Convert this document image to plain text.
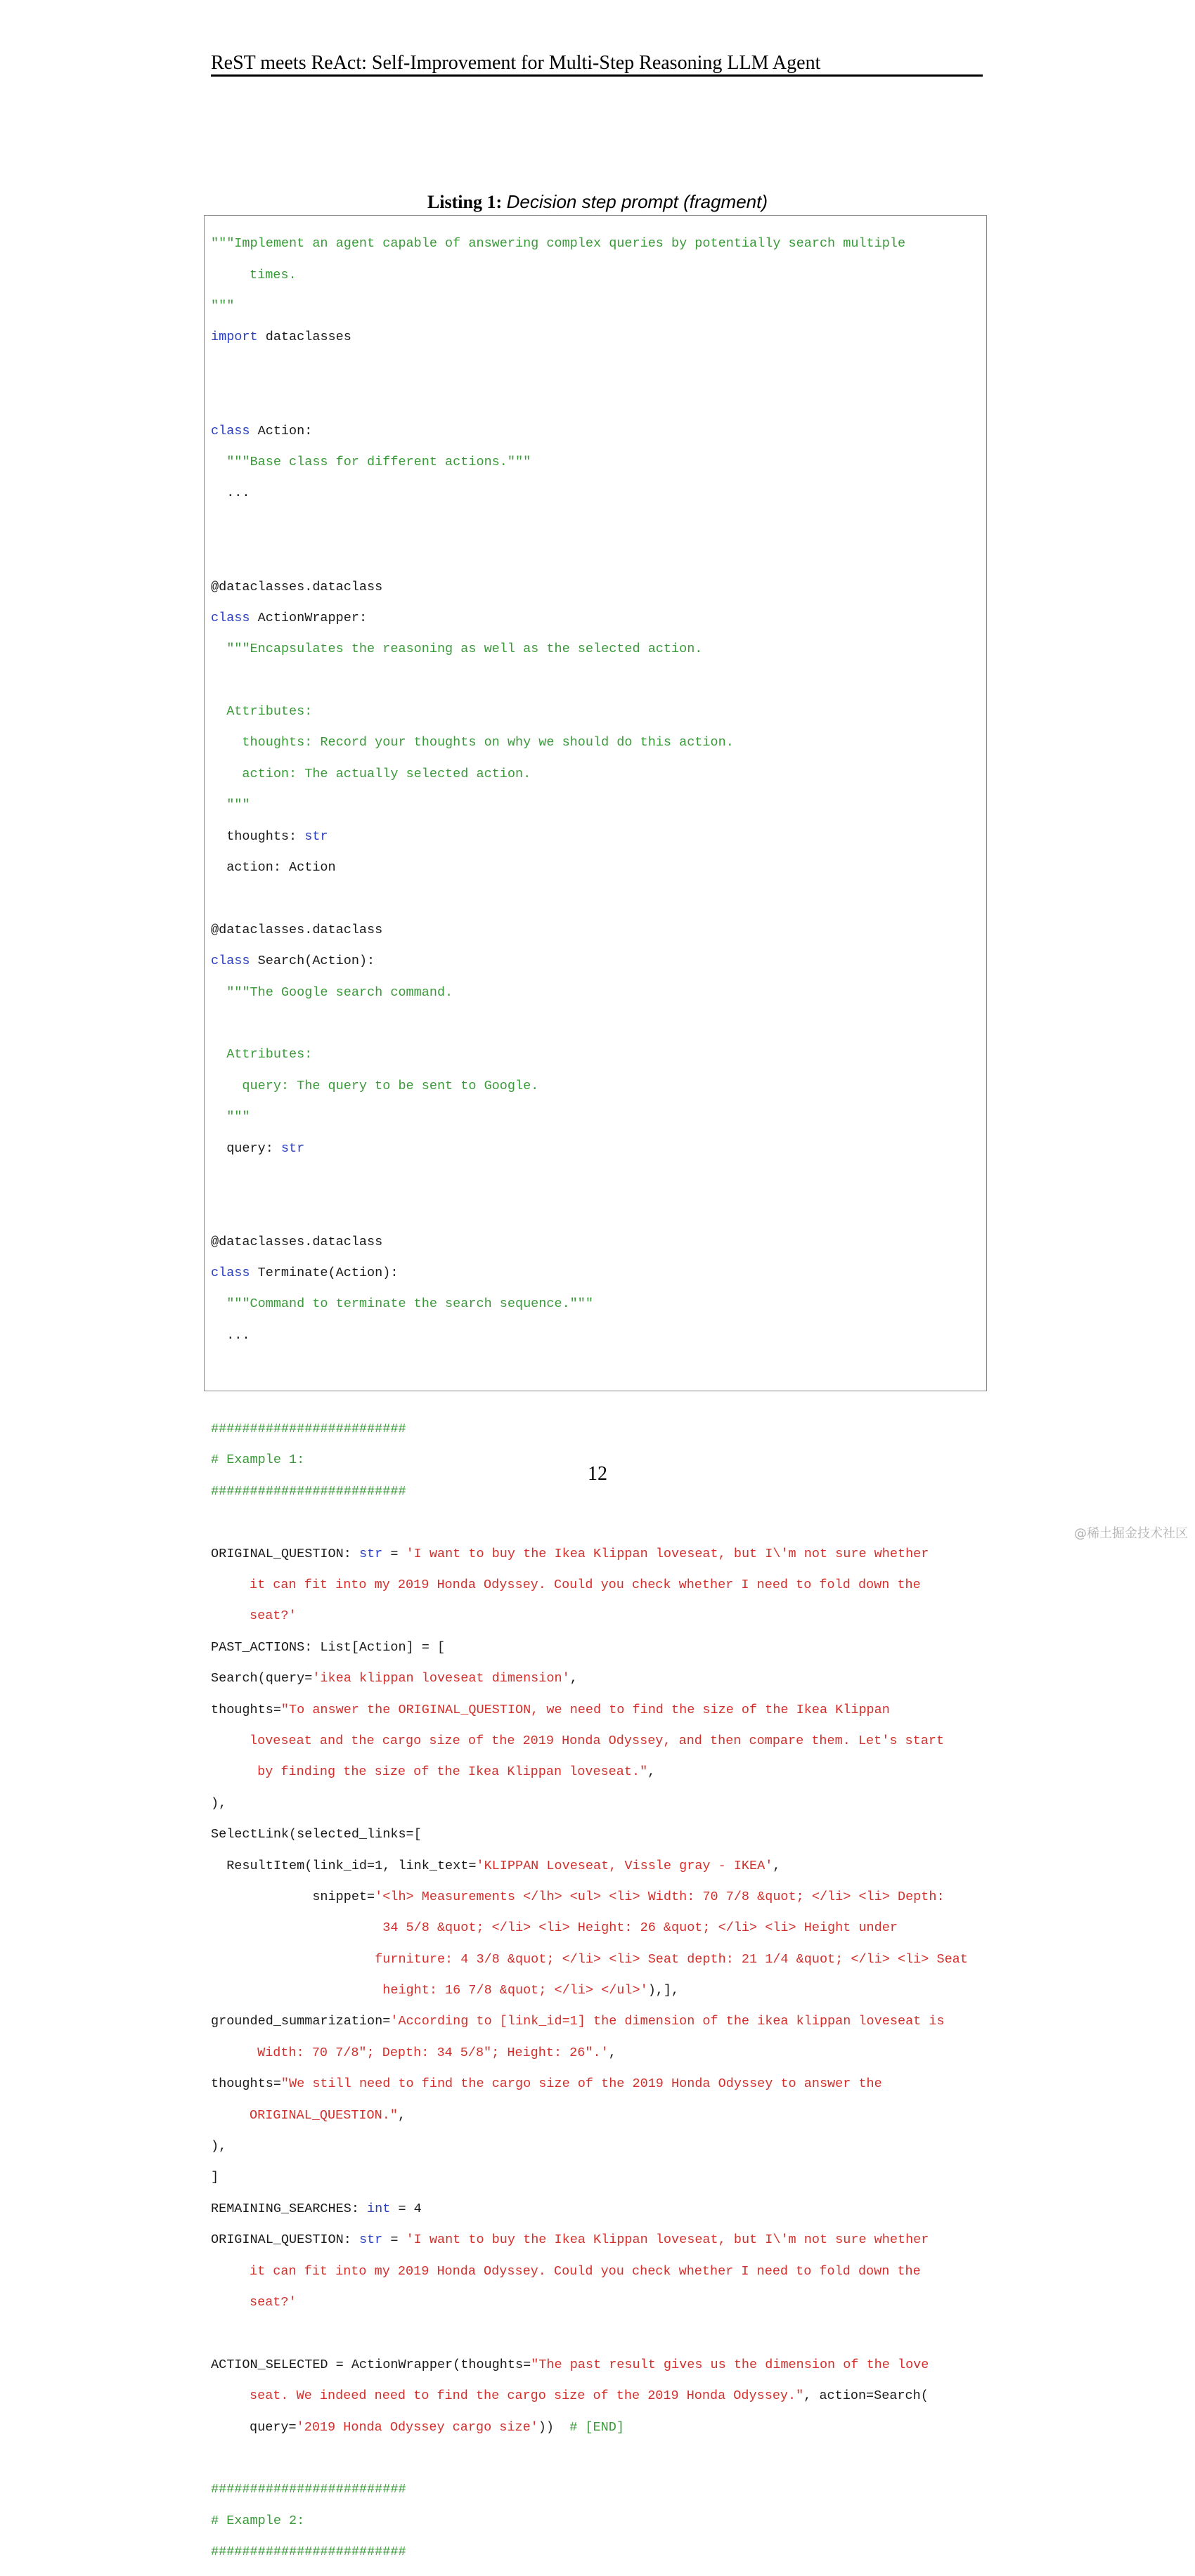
ReST meets ReAct: Self-Improvement for Multi-Step Reasoning LLM Agent
Listing 1: Decision step prompt (fragment)

"""Implement an agent capable of answering complex queries by potentially search multiple

times.

"""

import dataclasses

class Action:

"""Base class for different actions."""

...

@dataclasses.dataclass

class ActionWrapper:

"""Encapsulates the reasoning as well as the selected action.

Attributes:

thoughts: Record your thoughts on why we should do this action.

action: The actually selected action.

"""

thoughts: str

action: Action

@dataclasses.dataclass

class Search(Action):

"""The Google search command.

Attributes:

query: The query to be sent to Google.

"""

query: str

@dataclasses.dataclass

class Terminate(Action):

"""Command to terminate the search sequence."""

...

#########################

# Example 1:

#########################

ORIGINAL_QUESTION: str = 'I want to buy the Ikea Klippan loveseat, but I\'m not sure whether

it can fit into my 2019 Honda Odyssey. Could you check whether I need to fold down the

seat?'

PAST_ACTIONS: List[Action] = [

Search(query='ikea klippan loveseat dimension',

thoughts="To answer the ORIGINAL_QUESTION, we need to find the size of the Ikea Klippan

loveseat and the cargo size of the 2019 Honda Odyssey, and then compare them. Let's start

by finding the size of the Ikea Klippan loveseat.",

),

SelectLink(selected_links=[

ResultItem(link_id=1, link_text='KLIPPAN Loveseat, Vissle gray - IKEA',

snippet='<lh> Measurements </lh> <ul> <li> Width: 70 7/8 &quot; </li> <li> Depth:

34 5/8 &quot; </li> <li> Height: 26 &quot; </li> <li> Height under

furniture: 4 3/8 &quot; </li> <li> Seat depth: 21 1/4 &quot; </li> <li> Seat

height: 16 7/8 &quot; </li> </ul>'),],

grounded_summarization='According to [link_id=1] the dimension of the ikea klippan loveseat is

Width: 70 7/8"; Depth: 34 5/8"; Height: 26".',

thoughts="We still need to find the cargo size of the 2019 Honda Odyssey to answer the

ORIGINAL_QUESTION.",

),

]

REMAINING_SEARCHES: int = 4

ORIGINAL_QUESTION: str = 'I want to buy the Ikea Klippan loveseat, but I\'m not sure whether

it can fit into my 2019 Honda Odyssey. Could you check whether I need to fold down the

seat?'

ACTION_SELECTED = ActionWrapper(thoughts="The past result gives us the dimension of the love

seat. We indeed need to find the cargo size of the 2019 Honda Odyssey.", action=Search(

query='2019 Honda Odyssey cargo size'))  # [END]

#########################

# Example 2:

#########################

12
@稀土掘金技术社区
